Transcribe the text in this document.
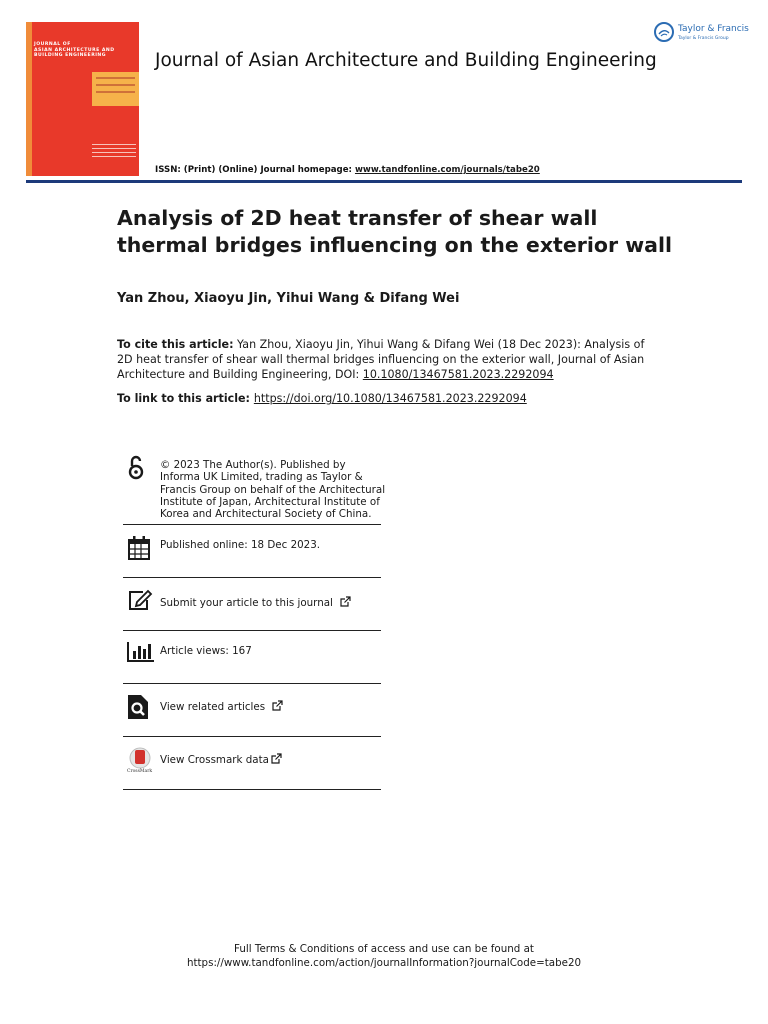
JOURNAL OF
ASIAN ARCHITECTURE AND
BUILDING ENGINEERING	Journal of Asian Architecture and Building Engineering
Taylor & Francis
Taylor & Francis Group
ISSN: (Print) (Online) Journal homepage: www.tandfonline.com/journals/tabe20
Analysis of 2D heat transfer of shear wall thermal bridges influencing on the exterior wall
Yan Zhou, Xiaoyu Jin, Yihui Wang & Difang Wei
To cite this article: Yan Zhou, Xiaoyu Jin, Yihui Wang & Difang Wei (18 Dec 2023): Analysis of 2D heat transfer of shear wall thermal bridges influencing on the exterior wall, Journal of Asian Architecture and Building Engineering, DOI: 10.1080/13467581.2023.2292094
To link to this article: https://doi.org/10.1080/13467581.2023.2292094
© 2023 The Author(s). Published by Informa UK Limited, trading as Taylor & Francis Group on behalf of the Architectural Institute of Japan, Architectural Institute of Korea and Architectural Society of China.
Published online: 18 Dec 2023.
Submit your article to this journal
Article views: 167
View related articles
CrossMark
View Crossmark data
Full Terms & Conditions of access and use can be found at
https://www.tandfonline.com/action/journalInformation?journalCode=tabe20
